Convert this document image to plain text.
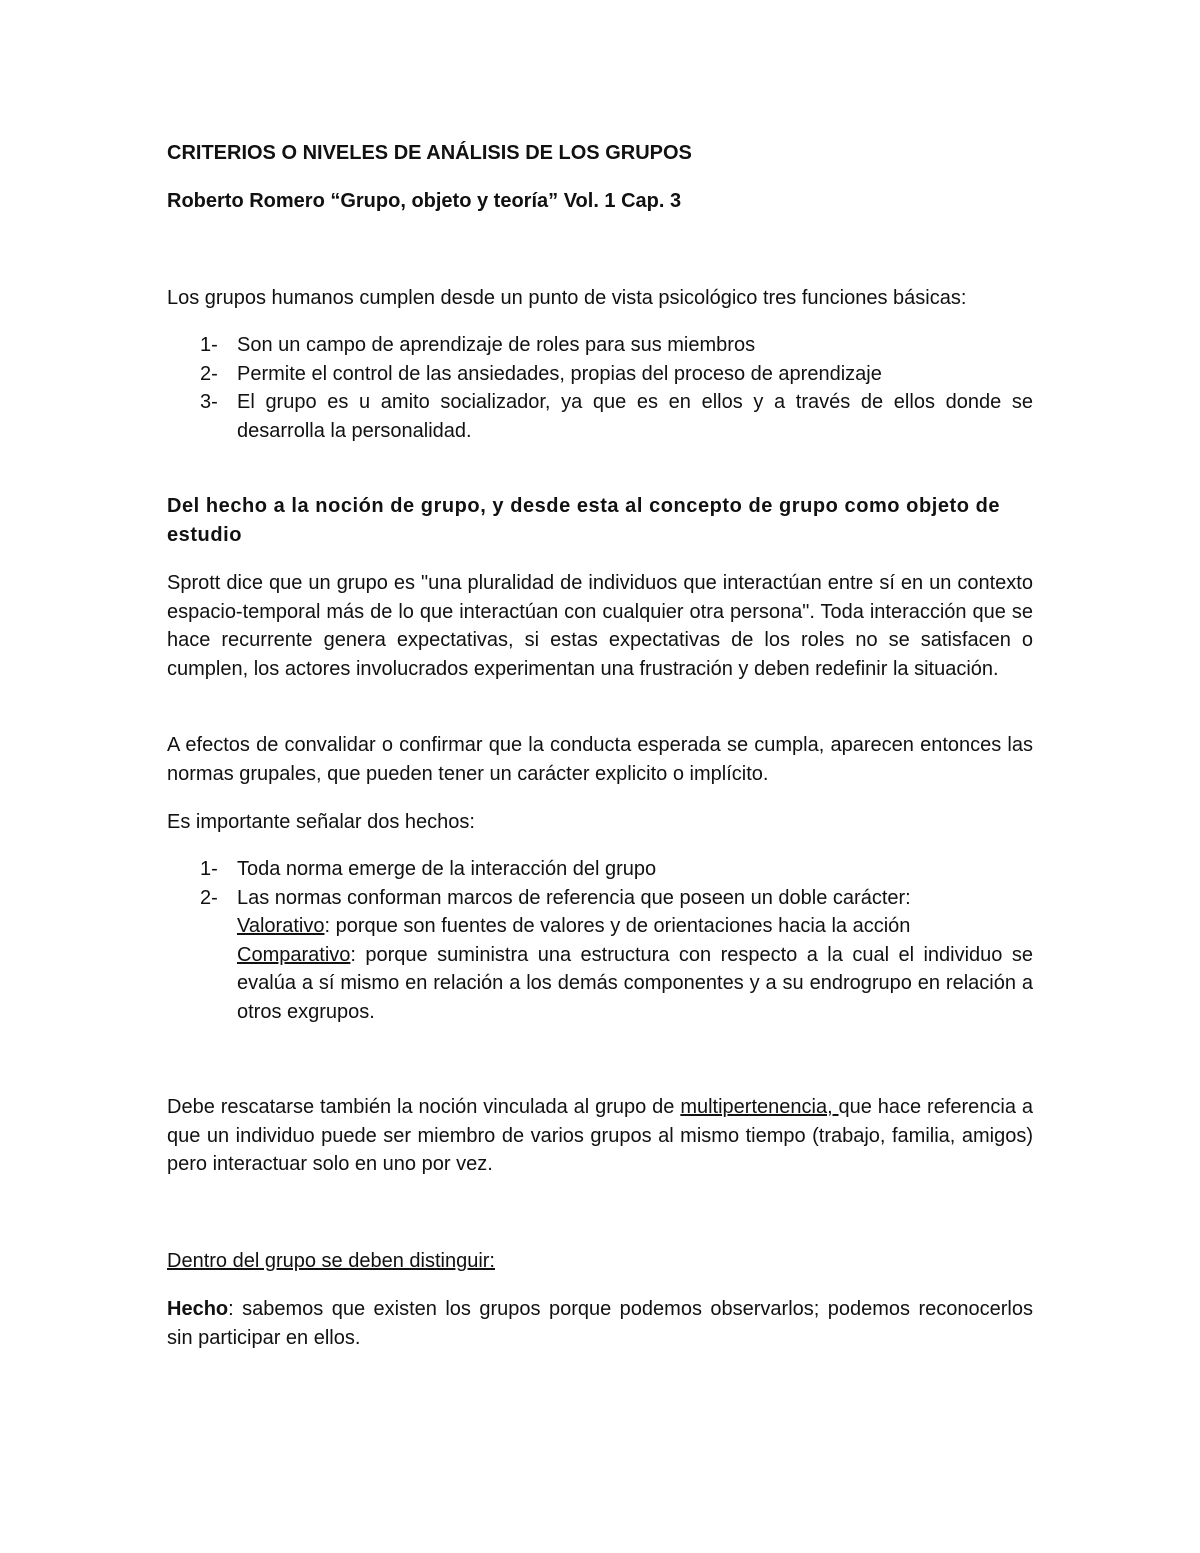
CRITERIOS O NIVELES DE ANÁLISIS DE LOS GRUPOS
Roberto Romero “Grupo, objeto y teoría” Vol. 1 Cap. 3

Los grupos humanos cumplen desde un punto de vista psicológico tres funciones básicas:

1- Son un campo de aprendizaje de roles para sus miembros
2- Permite el control de las ansiedades, propias del proceso de aprendizaje
3- El grupo es u amito socializador, ya que es en ellos y a través de ellos donde se desarrolla la personalidad.

Del hecho a la noción de grupo, y desde esta al concepto de grupo como objeto de estudio

Sprott dice que un grupo es "una pluralidad de individuos que interactúan entre sí en un contexto espacio-temporal más de lo que interactúan con cualquier otra persona". Toda interacción que se hace recurrente genera expectativas, si estas expectativas de los roles no se satisfacen o cumplen, los actores involucrados experimentan una frustración y deben redefinir la situación.

A efectos de convalidar o confirmar que la conducta esperada se cumpla, aparecen entonces las normas grupales, que pueden tener un carácter explicito o implícito.

Es importante señalar dos hechos:

1- Toda norma emerge de la interacción del grupo
2- Las normas conforman marcos de referencia que poseen un doble carácter:
Valorativo: porque son fuentes de valores y de orientaciones hacia la acción
Comparativo: porque suministra una estructura con respecto a la cual el individuo se evalúa a sí mismo en relación a los demás componentes y a su endrogrupo en relación a otros exgrupos.

Debe rescatarse también la noción vinculada al grupo de multipertenencia, que hace referencia a que un individuo puede ser miembro de varios grupos al mismo tiempo (trabajo, familia, amigos) pero interactuar solo en uno por vez.

Dentro del grupo se deben distinguir:

Hecho: sabemos que existen los grupos porque podemos observarlos; podemos reconocerlos sin participar en ellos.
